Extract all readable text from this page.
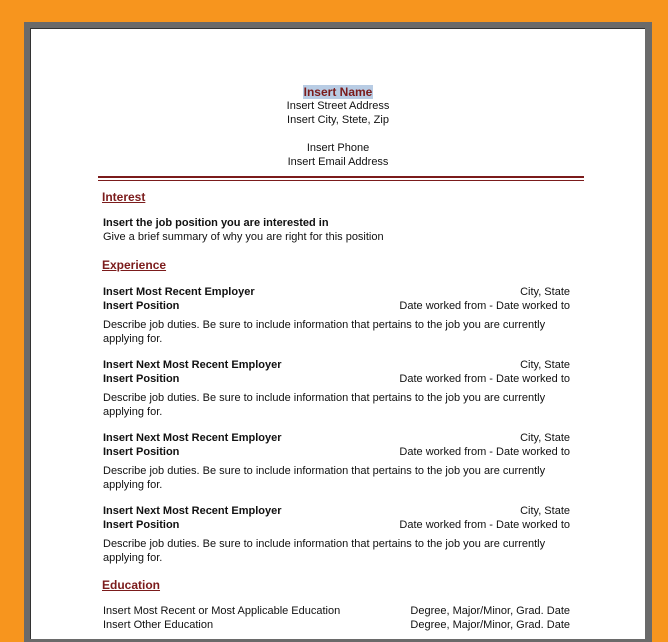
Insert Name
Insert Street Address
Insert City, Stete, Zip
Insert Phone
Insert Email Address
Interest
Insert the job position you are interested in
Give a brief summary of why you are right for this position
Experience
Insert Most Recent Employer	City, State
Insert Position	Date worked from - Date worked to
Describe job duties. Be sure to include information that pertains to the job you are currently applying for.
Insert Next Most Recent Employer	City, State
Insert Position	Date worked from - Date worked to
Describe job duties. Be sure to include information that pertains to the job you are currently applying for.
Insert Next Most Recent Employer	City, State
Insert Position	Date worked from - Date worked to
Describe job duties. Be sure to include information that pertains to the job you are currently applying for.
Insert Next Most Recent Employer	City, State
Insert Position	Date worked from - Date worked to
Describe job duties. Be sure to include information that pertains to the job you are currently applying for.
Education
Insert Most Recent or Most Applicable Education	Degree, Major/Minor, Grad. Date
Insert Other Education	Degree, Major/Minor, Grad. Date
